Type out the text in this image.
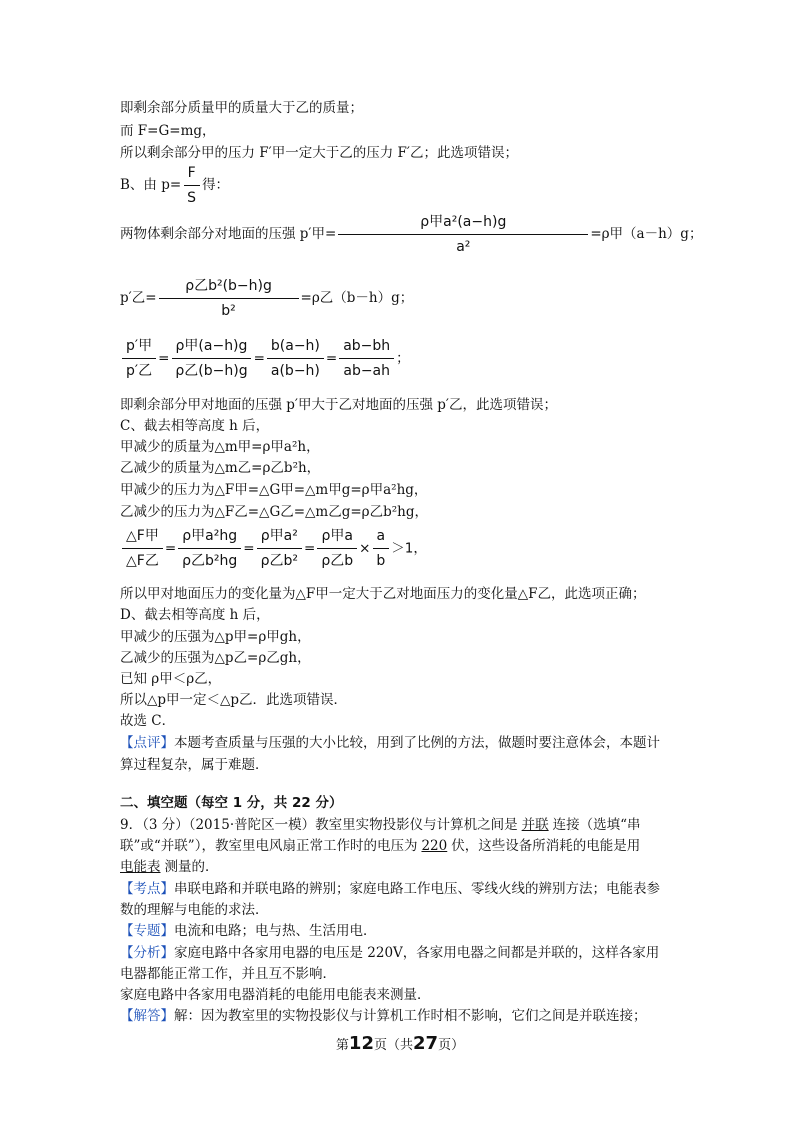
即剩余部分质量甲的质量大于乙的质量；
而 F=G=mg，
所以剩余部分甲的压力 F′甲一定大于乙的压力 F′乙；此选项错误；
B、由 $p= \frac{F}{S}$ 得：
两物体剩余部分对地面的压强 p′甲= $\frac{\text{ρ甲a²(a−h)g}}{\text{a²}} =\rho$甲（a－h）g；
p′乙= $\frac{\text{ρ乙b²(b−h)g}}{\text{b²}} =\rho$乙（b－h）g；
$\frac{\text{p′甲}}{\text{p′乙}} = \frac{\text{ρ甲(a−h)g}}{\text{ρ乙(b−h)g}} = \frac{b(a-h)}{a(b-h)} = \frac{ab-bh}{ab-ah}$ ；
即剩余部分甲对地面的压强 p′甲大于乙对地面的压强 p′乙，此选项错误；
C、截去相等高度 h 后，
甲减少的质量为△m甲=ρ甲a²h，
乙减少的质量为△m乙=ρ乙b²h，
甲减少的压力为△F甲=△G甲=△m甲g=ρ甲a²hg，
乙减少的压力为△F乙=△G乙=△m乙g=ρ乙b²hg，
$\frac{\text{△F甲}}{\text{△F乙}} = \frac{\text{ρ甲a²hg}}{\text{ρ乙b²hg}} = \frac{\text{ρ甲a²}}{\text{ρ乙b²}} = \frac{\text{ρ甲a}}{\text{ρ乙b}} \times \frac{a}{b} >1$，
所以甲对地面压力的变化量为△F甲一定大于乙对地面压力的变化量△F乙，此选项正确；
D、截去相等高度 h 后，
甲减少的压强为△p甲=ρ甲gh，
乙减少的压强为△p乙=ρ乙gh，
已知 ρ甲＜ρ乙，
所以△p甲一定＜△p乙．此选项错误．
故选 C．
【点评】本题考查质量与压强的大小比较，用到了比例的方法，做题时要注意体会，本题计
算过程复杂，属于难题．
二、填空题（每空 1 分，共 22 分）
9．（3 分）（2015·普陀区一模）教室里实物投影仪与计算机之间是 并联 连接（选填“串
联”或“并联”），教室里电风扇正常工作时的电压为 220 伏，这些设备所消耗的电能是用
电能表 测量的．
【考点】串联电路和并联电路的辨别；家庭电路工作电压、零线火线的辨别方法；电能表参
数的理解与电能的求法．
【专题】电流和电路；电与热、生活用电．
【分析】家庭电路中各家用电器的电压是 220V，各家用电器之间都是并联的，这样各家用
电器都能正常工作，并且互不影响．
家庭电路中各家用电器消耗的电能用电能表来测量．
【解答】解：因为教室里的实物投影仪与计算机工作时相不影响，它们之间是并联连接；
第12页（共27页）
